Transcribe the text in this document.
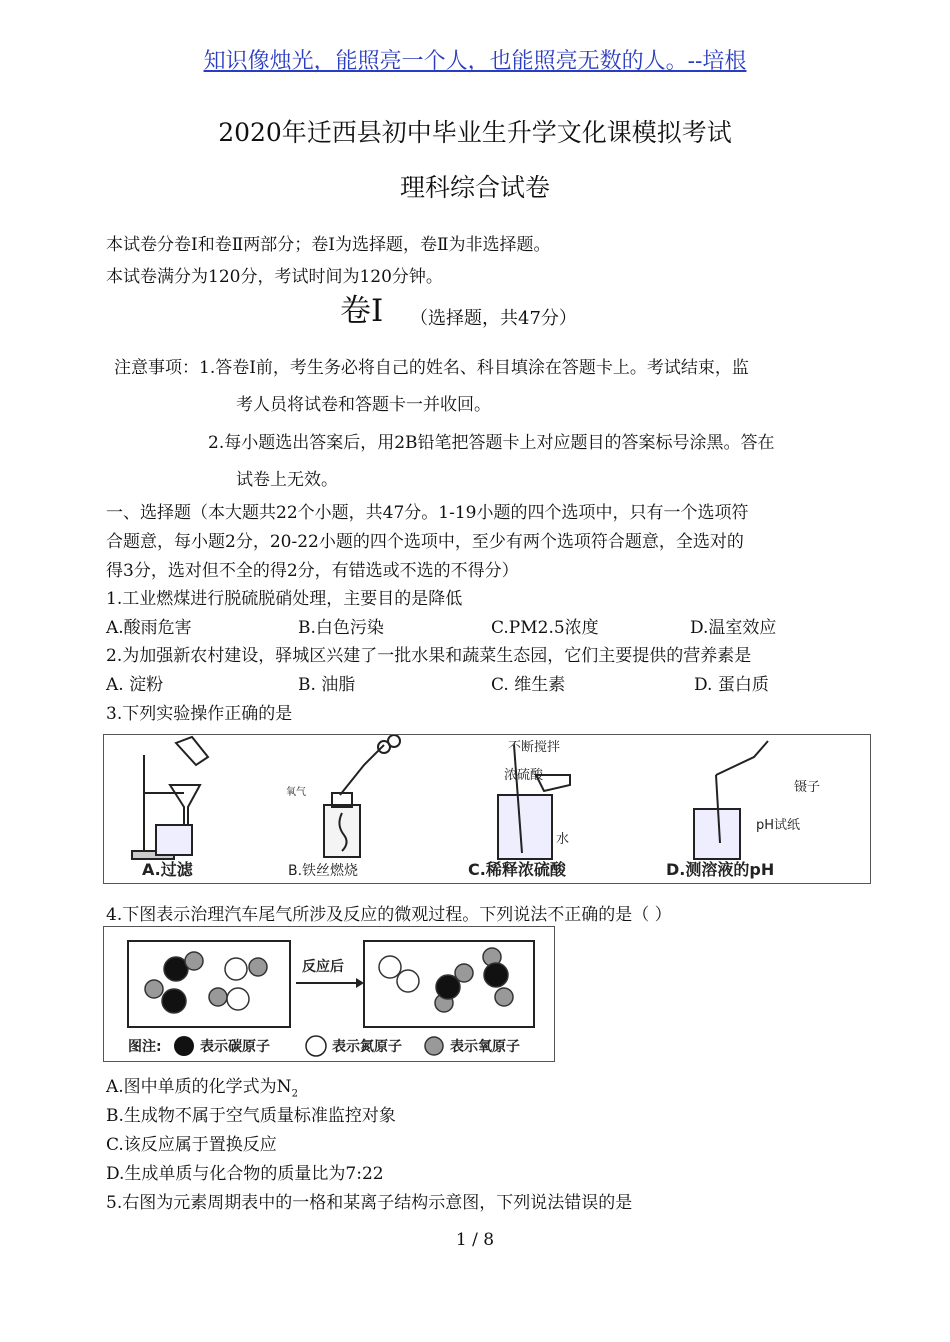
知识像烛光，能照亮一个人，也能照亮无数的人。--培根
2020年迁西县初中毕业生升学文化课模拟考试
理科综合试卷
本试卷分卷Ⅰ和卷Ⅱ两部分；卷Ⅰ为选择题，卷Ⅱ为非选择题。
本试卷满分为120分，考试时间为120分钟。
卷Ⅰ （选择题，共47分）
注意事项：1.答卷Ⅰ前，考生务必将自己的姓名、科目填涂在答题卡上。考试结束，监
考人员将试卷和答题卡一并收回。
2.每小题选出答案后，用2B铅笔把答题卡上对应题目的答案标号涂黑。答在
试卷上无效。
一、选择题（本大题共22个小题，共47分。1-19小题的四个选项中，只有一个选项符
合题意，每小题2分，20-22小题的四个选项中，至少有两个选项符合题意，全选对的
得3分，选对但不全的得2分，有错选或不选的不得分）
1.工业燃煤进行脱硫脱硝处理，主要目的是降低
A.酸雨危害	B.白色污染	C.PM2.5浓度	D.温室效应
2.为加强新农村建设，驿城区兴建了一批水果和蔬菜生态园，它们主要提供的营养素是
A. 淀粉	B. 油脂	C. 维生素	D. 蛋白质
3.下列实验操作正确的是
A.过滤	B.铁丝燃烧	C.稀释浓硫酸	D.测溶液的pH
氧气
不断搅拌
浓硫酸
水
镊子
pH试纸
4.下图表示治理汽车尾气所涉及反应的微观过程。下列说法不正确的是（ ）
反应后
图注:	表示碳原子	表示氮原子	表示氧原子
A.图中单质的化学式为$N_2$
B.生成物不属于空气质量标准监控对象
C.该反应属于置换反应
D.生成单质与化合物的质量比为7:22
5.右图为元素周期表中的一格和某离子结构示意图，下列说法错误的是
1 / 8
